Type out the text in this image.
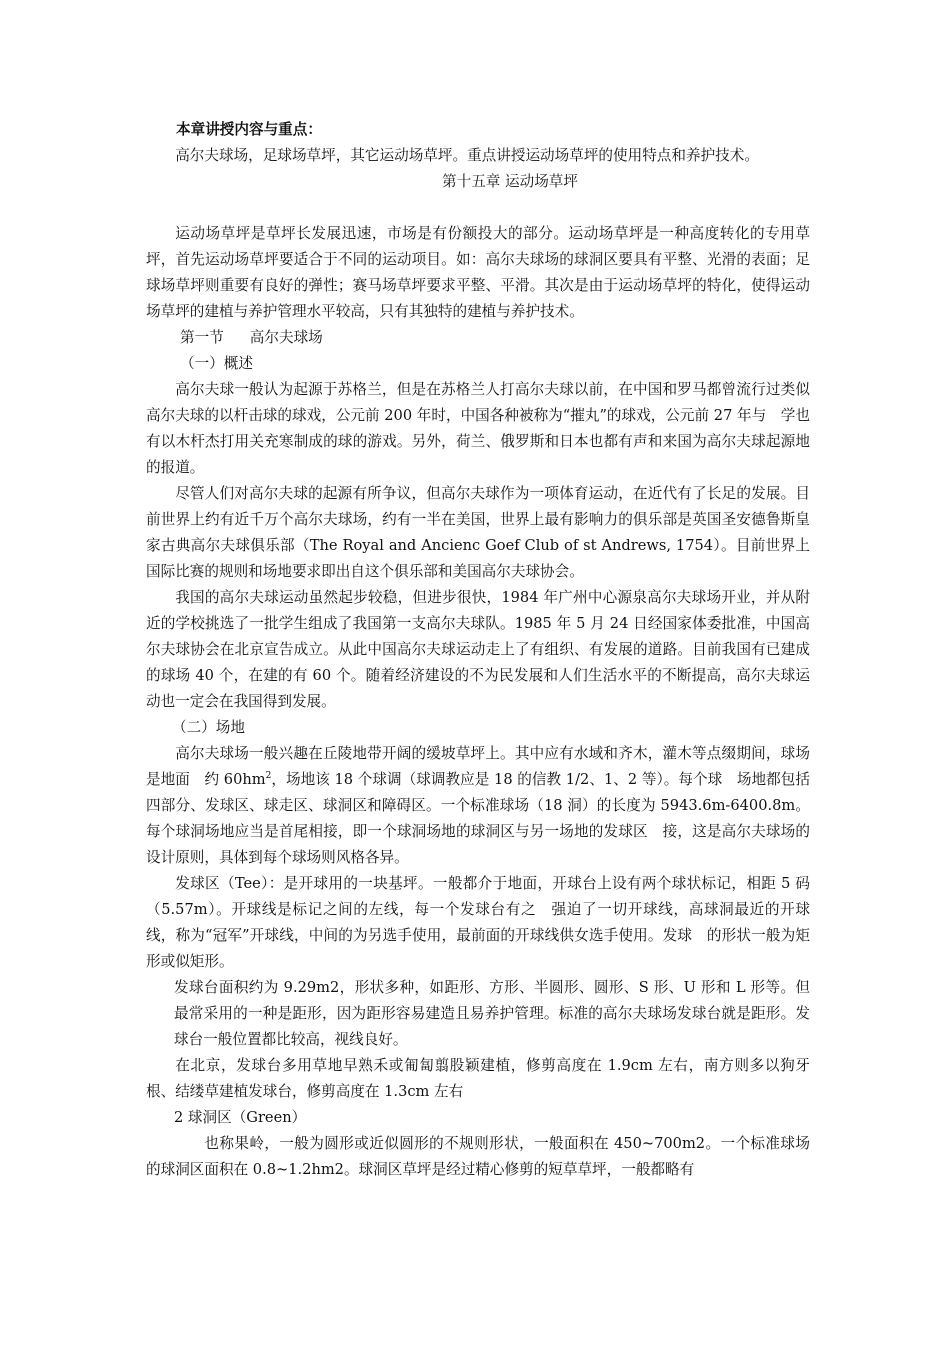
本章讲授内容与重点：

高尔夫球场，足球场草坪，其它运动场草坪。重点讲授运动场草坪的使用特点和养护技术。

第十五章 运动场草坪

运动场草坪是草坪长发展迅速，市场是有份额投大的部分。运动场草坪是一种高度转化的专用草坪，首先运动场草坪要适合于不同的运动项目。如：高尔夫球场的球洞区要具有平整、光滑的表面；足球场草坪则重要有良好的弹性；赛马场草坪要求平整、平滑。其次是由于运动场草坪的特化，使得运动场草坪的建植与养护管理水平较高，只有其独特的建植与养护技术。

第一节 高尔夫球场

（一）概述

高尔夫球一般认为起源于苏格兰，但是在苏格兰人打高尔夫球以前，在中国和罗马都曾流行过类似高尔夫球的以杆击球的球戏，公元前 200 年时，中国各种被称为“摧丸”的球戏，公元前 27 年与　学也有以木杆杰打用关充寒制成的球的游戏。另外，荷兰、俄罗斯和日本也都有声和来国为高尔夫球起源地的报道。

尽管人们对高尔夫球的起源有所争议，但高尔夫球作为一项体育运动，在近代有了长足的发展。目前世界上约有近千万个高尔夫球场，约有一半在美国，世界上最有影响力的俱乐部是英国圣安德鲁斯皇家古典高尔夫球俱乐部（The Royal and Ancienc Goef Club of st Andrews, 1754）。目前世界上国际比赛的规则和场地要求即出自这个俱乐部和美国高尔夫球协会。

我国的高尔夫球运动虽然起步较稳，但进步很快，1984 年广州中心源泉高尔夫球场开业，并从附近的学校挑选了一批学生组成了我国第一支高尔夫球队。1985 年 5 月 24 日经国家体委批准，中国高尔夫球协会在北京宣告成立。从此中国高尔夫球运动走上了有组织、有发展的道路。目前我国有已建成的球场 40 个，在建的有 60 个。随着经济建设的不为民发展和人们生活水平的不断提高，高尔夫球运动也一定会在我国得到发展。

（二）场地

高尔夫球场一般兴趣在丘陵地带开阔的缓坡草坪上。其中应有水域和齐木，灌木等点缀期间，球场是地面　约 $60hm^2$，场地该 18 个球调（球调教应是 18 的信教 1/2、1、2 等）。每个球　场地都包括四部分、发球区、球走区、球洞区和障碍区。一个标准球场（18 洞）的长度为 5943.6m-6400.8m。每个球洞场地应当是首尾相接，即一个球洞场地的球洞区与另一场地的发球区　接，这是高尔夫球场的设计原则，具体到每个球场则风格各异。

发球区（Tee）：是开球用的一块基坪。一般都介于地面，开球台上设有两个球状标记，相距 5 码（5.57m）。开球线是标记之间的左线，每一个发球台有之　强迫了一切开球线，高球洞最近的开球线，称为“冠军”开球线，中间的为另选手使用，最前面的开球线供女选手使用。发球　的形状一般为矩形或似矩形。

发球台面积约为 9.29m2，形状多种，如距形、方形、半圆形、圆形、S 形、U 形和 L 形等。但最常采用的一种是距形，因为距形容易建造且易养护管理。标准的高尔夫球场发球台就是距形。发球台一般位置都比较高，视线良好。

在北京，发球台多用草地早熟禾或匍匐翦股颖建植，修剪高度在 1.9cm 左右，南方则多以狗牙根、结缕草建植发球台，修剪高度在 1.3cm 左右

2 球洞区（Green）

也称果岭，一般为圆形或近似圆形的不规则形状，一般面积在 450~700m2。一个标准球场的球洞区面积在 0.8~1.2hm2。球洞区草坪是经过精心修剪的短草草坪，一般都略有
